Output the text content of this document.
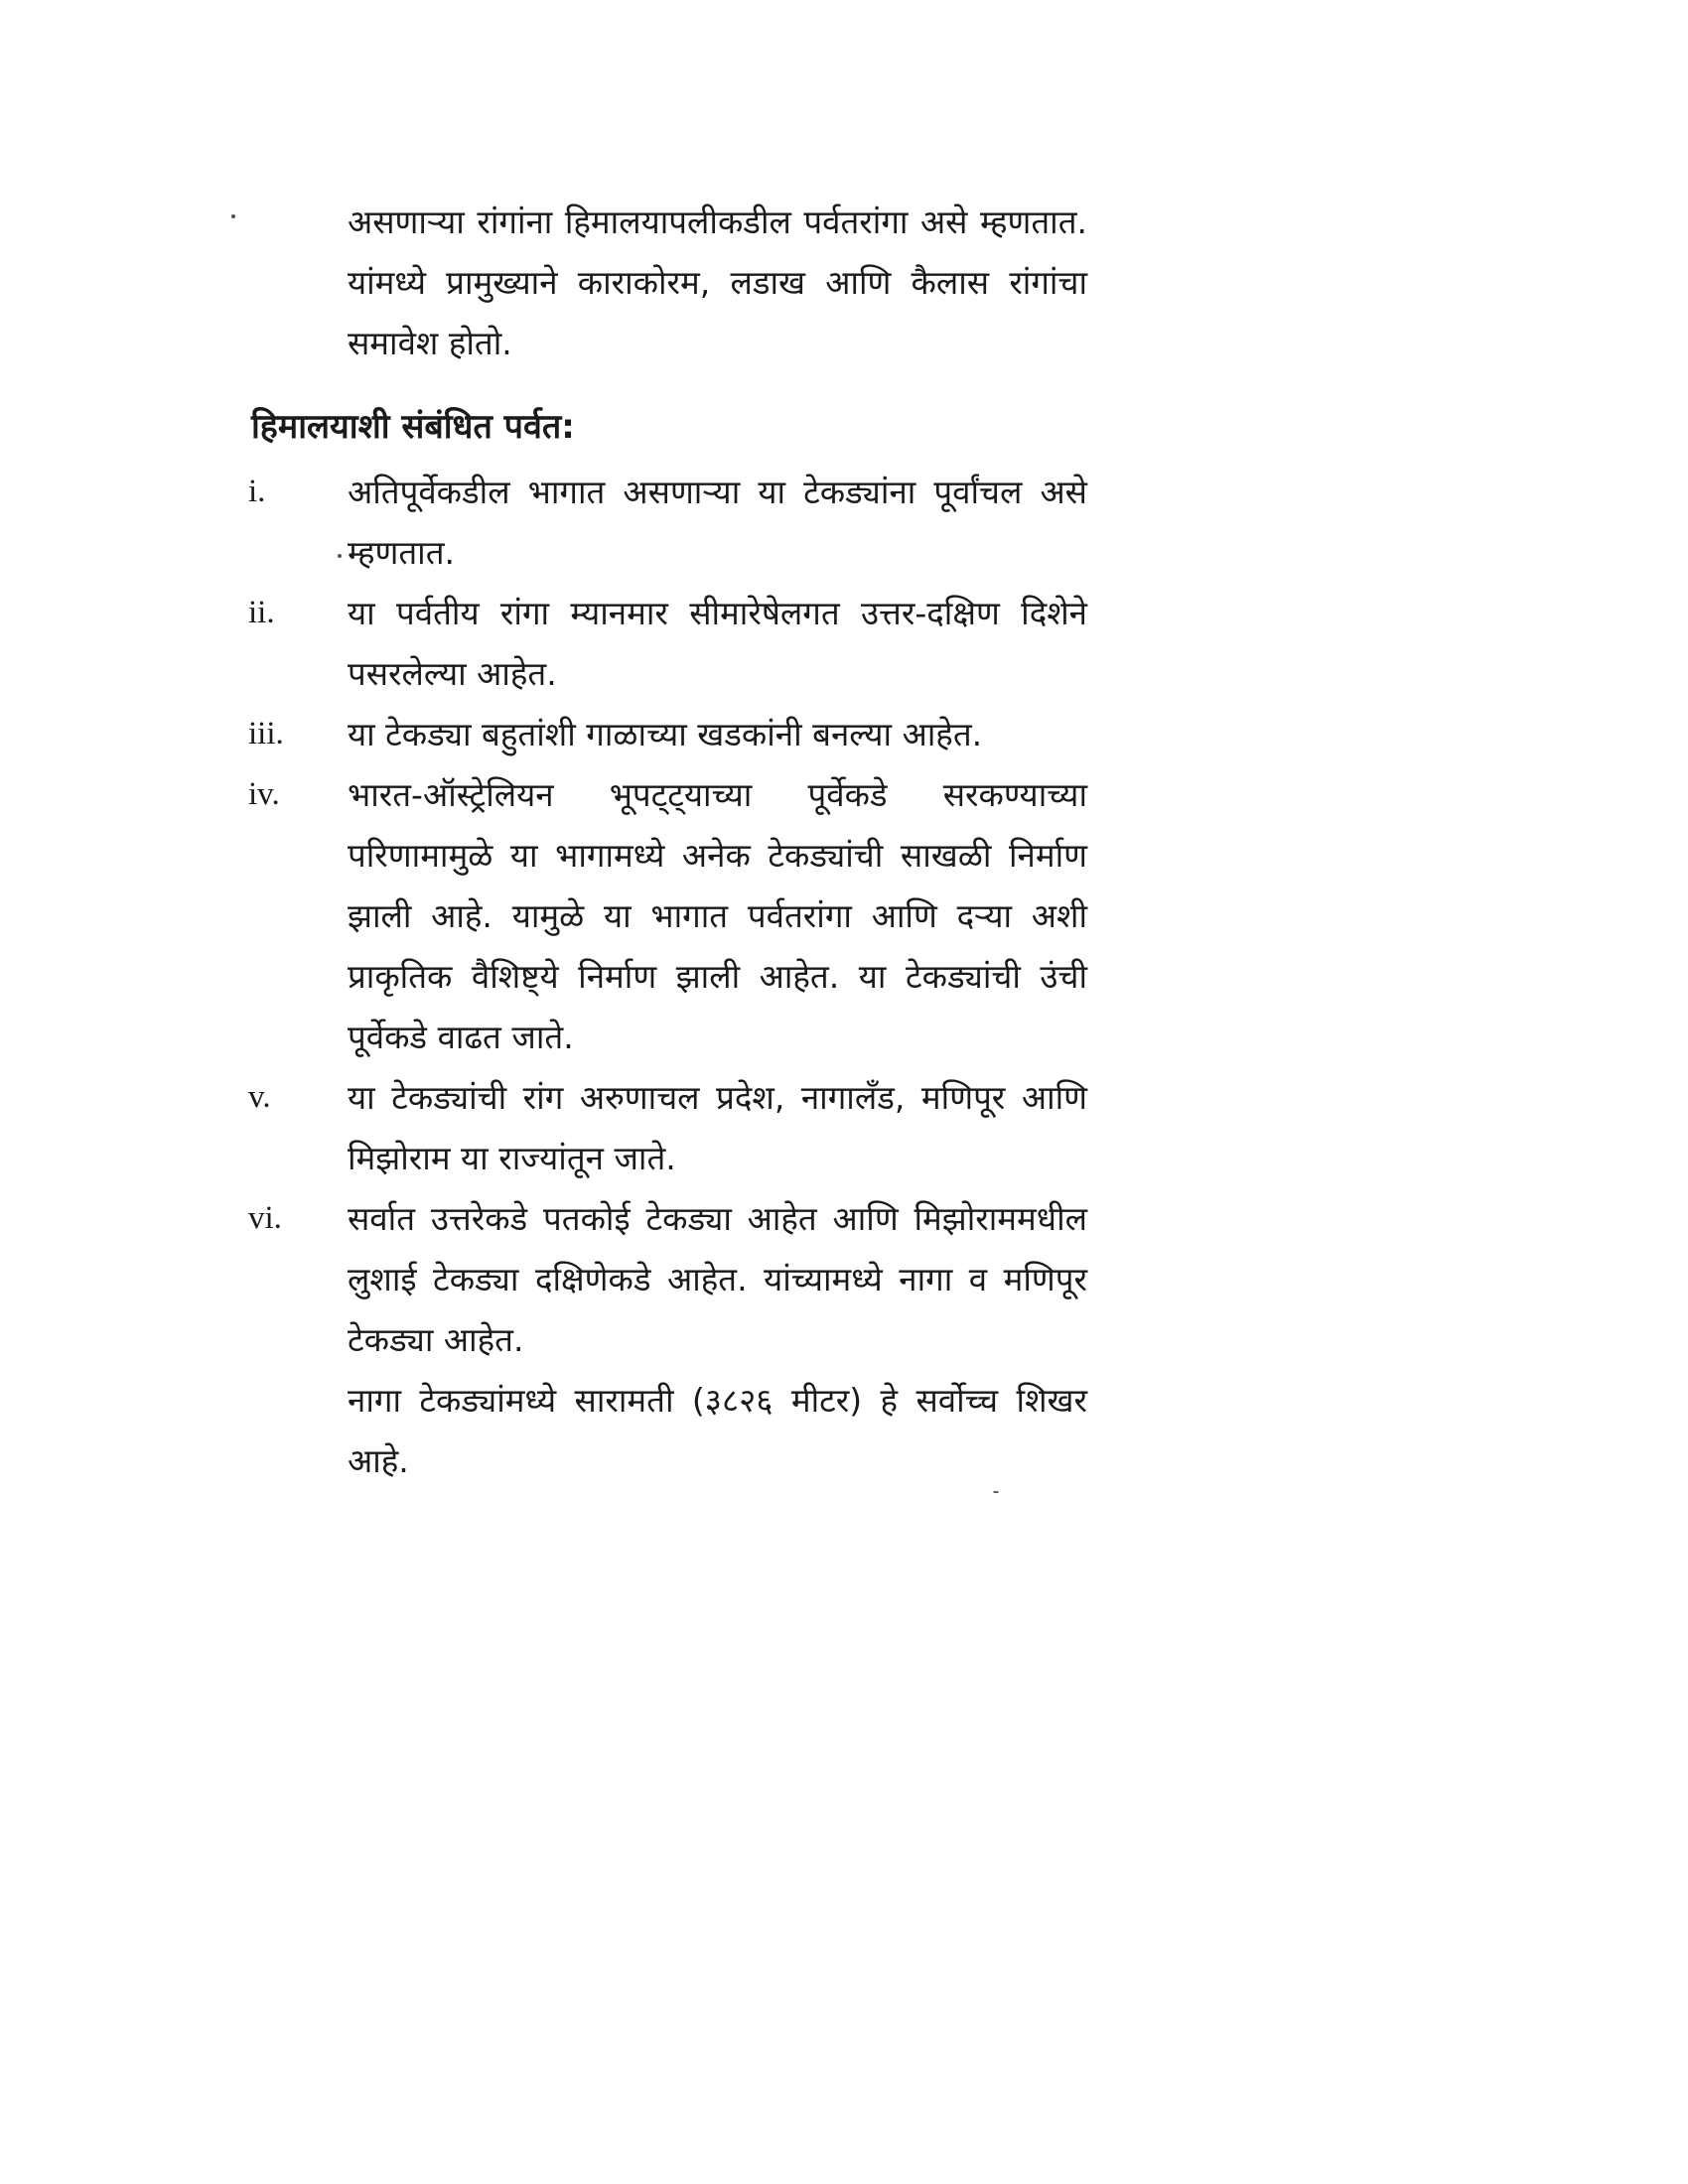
असणाऱ्या रांगांना हिमालयापलीकडील पर्वतरांगा असे म्हणतात. यांमध्ये प्रामुख्याने काराकोरम, लडाख आणि कैलास रांगांचा समावेश होतो.

हिमालयाशी संबंधित पर्वत:
i.	अतिपूर्वेकडील भागात असणाऱ्या या टेकड्यांना पूर्वांचल असे म्हणतात.
ii. या पर्वतीय रांगा म्यानमार सीमारेषेलगत उत्तर-दक्षिण दिशेने पसरलेल्या आहेत.
iii. या टेकड्या बहुतांशी गाळाच्या खडकांनी बनल्या आहेत.
iv. भारत-ऑस्ट्रेलियन भूपट्ट्याच्या पूर्वेकडे सरकण्याच्या परिणामामुळे या भागामध्ये अनेक टेकड्यांची साखळी निर्माण झाली आहे. यामुळे या भागात पर्वतरांगा आणि दऱ्या अशी प्राकृतिक वैशिष्ट्ये निर्माण झाली आहेत. या टेकड्यांची उंची पूर्वेकडे वाढत जाते.
v. या टेकड्यांची रांग अरुणाचल प्रदेश, नागालँड, मणिपूर आणि मिझोराम या राज्यांतून जाते.
vi. सर्वात उत्तरेकडे पतकोई टेकड्या आहेत आणि मिझोराममधील लुशाई टेकड्या दक्षिणेकडे आहेत. यांच्यामध्ये नागा व मणिपूर टेकड्या आहेत.

नागा टेकड्यांमध्ये सारामती (३८२६ मीटर) हे सर्वोच्च शिखर आहे.
